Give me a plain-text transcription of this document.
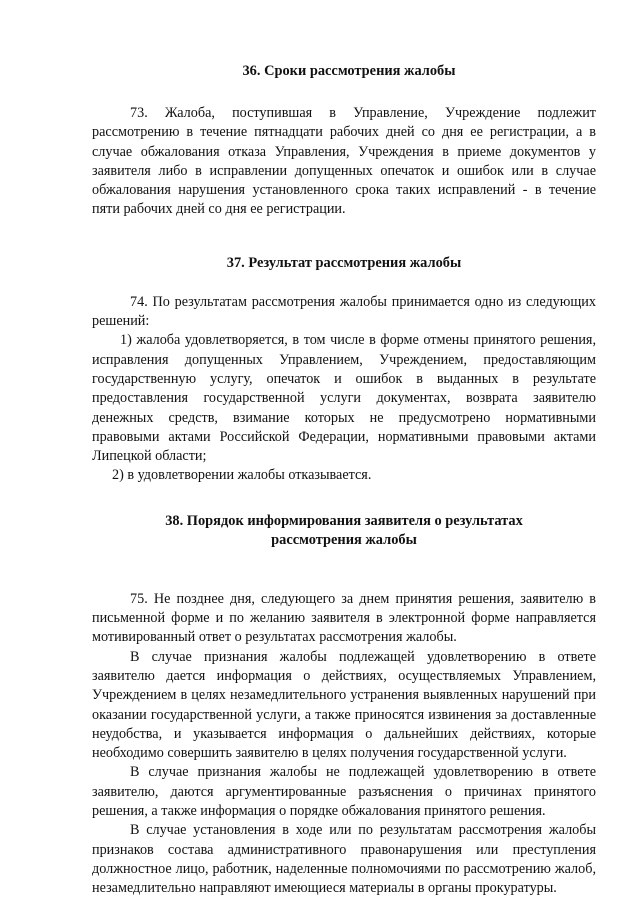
36. Сроки рассмотрения жалобы

73. Жалоба, поступившая в Управление, Учреждение подлежит рассмотрению в течение пятнадцати рабочих дней со дня ее регистрации, а в случае обжалования отказа Управления, Учреждения в приеме документов у заявителя либо в исправлении допущенных опечаток и ошибок или в случае обжалования нарушения установленного срока таких исправлений - в течение пяти рабочих дней со дня ее регистрации.

37. Результат рассмотрения жалобы

74. По результатам рассмотрения жалобы принимается одно из следующих решений:

1) жалоба удовлетворяется, в том числе в форме отмены принятого решения, исправления допущенных Управлением, Учреждением, предоставляющим государственную услугу, опечаток и ошибок в выданных в результате предоставления государственной услуги документах, возврата заявителю денежных средств, взимание которых не предусмотрено нормативными правовыми актами Российской Федерации, нормативными правовыми актами Липецкой области;

2) в удовлетворении жалобы отказывается.

38. Порядок информирования заявителя о результатах

рассмотрения жалобы

75. Не позднее дня, следующего за днем принятия решения, заявителю в письменной форме и по желанию заявителя в электронной форме направляется мотивированный ответ о результатах рассмотрения жалобы.

В случае признания жалобы подлежащей удовлетворению в ответе заявителю дается информация о действиях, осуществляемых Управлением, Учреждением в целях незамедлительного устранения выявленных нарушений при оказании государственной услуги, а также приносятся извинения за доставленные неудобства, и указывается информация о дальнейших действиях, которые необходимо совершить заявителю в целях получения государственной услуги.

В случае признания жалобы не подлежащей удовлетворению в ответе заявителю, даются аргументированные разъяснения о причинах принятого решения, а также информация о порядке обжалования принятого решения.

В случае установления в ходе или по результатам рассмотрения жалобы признаков состава административного правонарушения или преступления должностное лицо, работник, наделенные полномочиями по рассмотрению жалоб, незамедлительно направляют имеющиеся материалы в органы прокуратуры.
